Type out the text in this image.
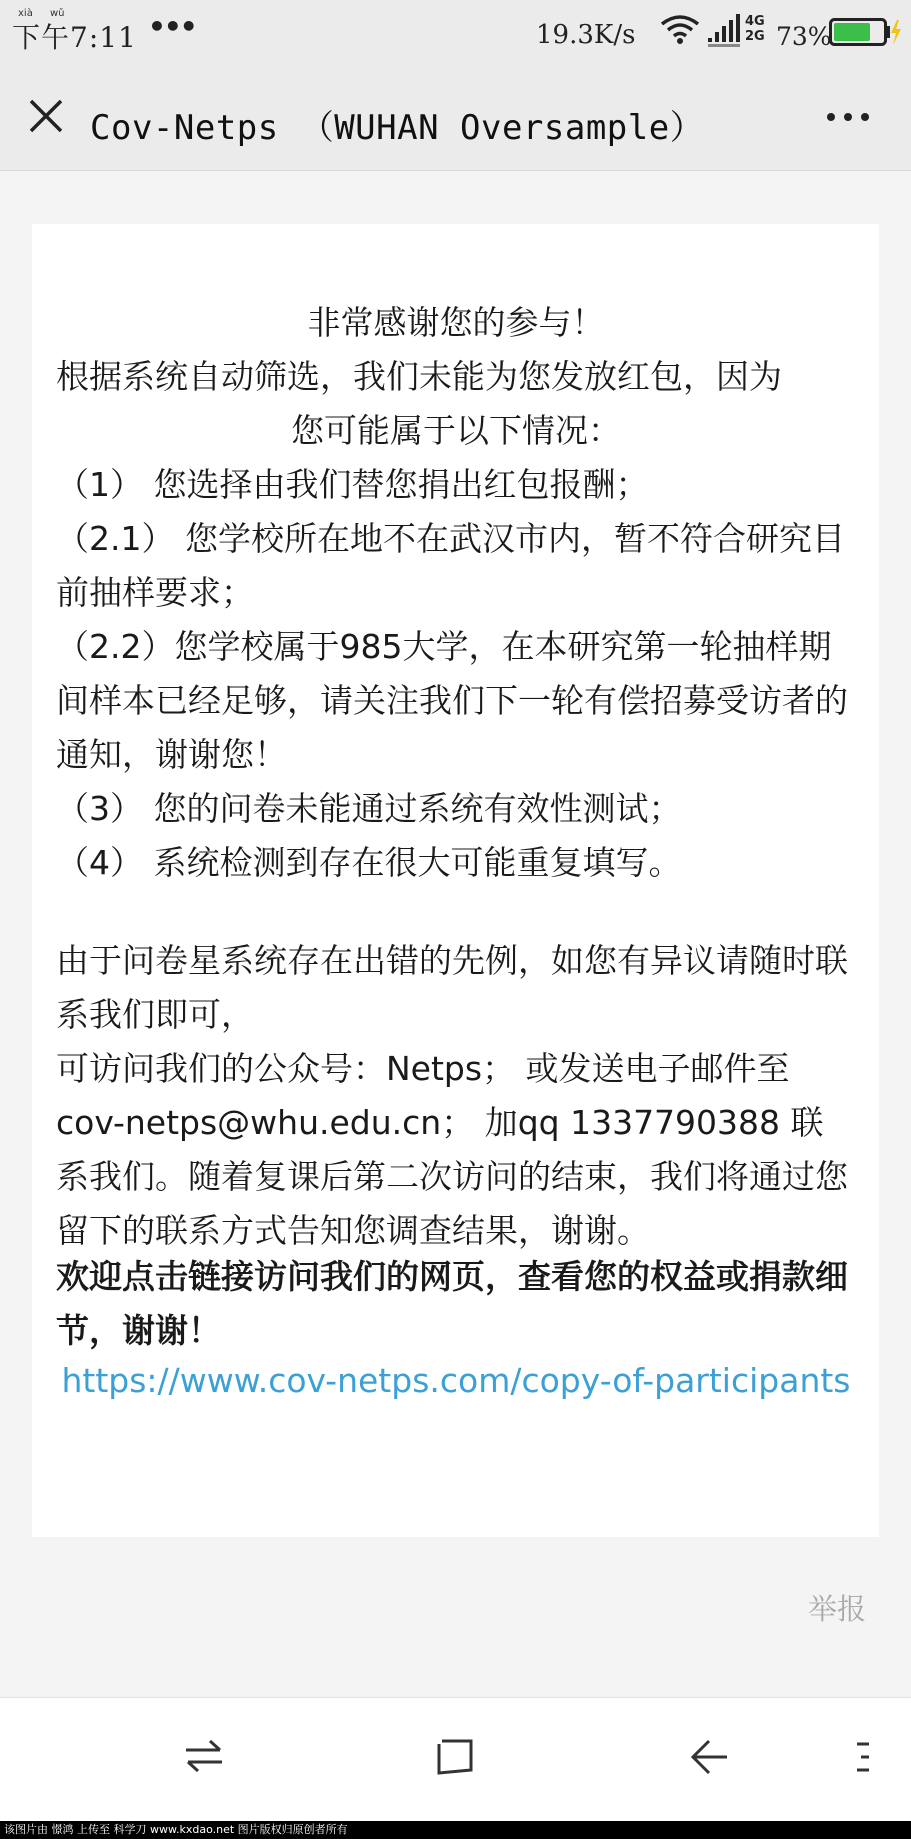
xià wǔ
下午7:11 •••	19.3K/s	4G
2G 73%
Cov-Netps （WUHAN Oversample）
非常感谢您的参与！
根据系统自动筛选，我们未能为您发放红包，因为
您可能属于以下情况：
（1） 您选择由我们替您捐出红包报酬；
（2.1） 您学校所在地不在武汉市内，暂不符合研究目前抽样要求；
（2.2）您学校属于985大学，在本研究第一轮抽样期间样本已经足够，请关注我们下一轮有偿招募受访者的通知，谢谢您！
（3） 您的问卷未能通过系统有效性测试；
（4） 系统检测到存在很大可能重复填写。
由于问卷星系统存在出错的先例，如您有异议请随时联系我们即可，
可访问我们的公众号：Netps； 或发送电子邮件至cov-netps@whu.edu.cn； 加qq 1337790388 联系我们。随着复课后第二次访问的结束，我们将通过您留下的联系方式告知您调查结果，谢谢。
欢迎点击链接访问我们的网页，查看您的权益或捐款细节，谢谢！
https://www.cov-netps.com/copy-of-participants
举报
该图片由 憬鸿 上传至 科学刀 www.kxdao.net 图片版权归原创者所有
